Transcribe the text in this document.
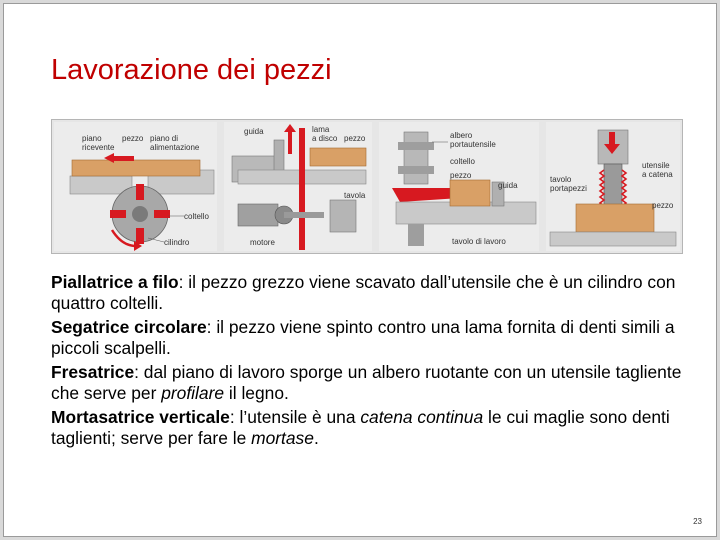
Lavorazione dei pezzi
piano
ricevente
pezzo piano di
alimentazione
coltello
cilindro
guida	lama
a disco pezzo
tavola
motore
albero
portautensile
coltello
pezzo
guida
tavolo di lavoro
utensile
a catena
tavolo
portapezzi
pezzo

Piallatrice a filo: il pezzo grezzo viene scavato dall’utensile che è un cilindro con quattro coltelli.

Segatrice circolare: il pezzo viene spinto contro una lama fornita di denti simili a piccoli scalpelli.

Fresatrice: dal piano di lavoro sporge un albero ruotante con un utensile tagliente che serve per profilare il legno.

Mortasatrice verticale: l’utensile è una catena continua le cui maglie sono denti taglienti; serve per fare le mortase.

23
